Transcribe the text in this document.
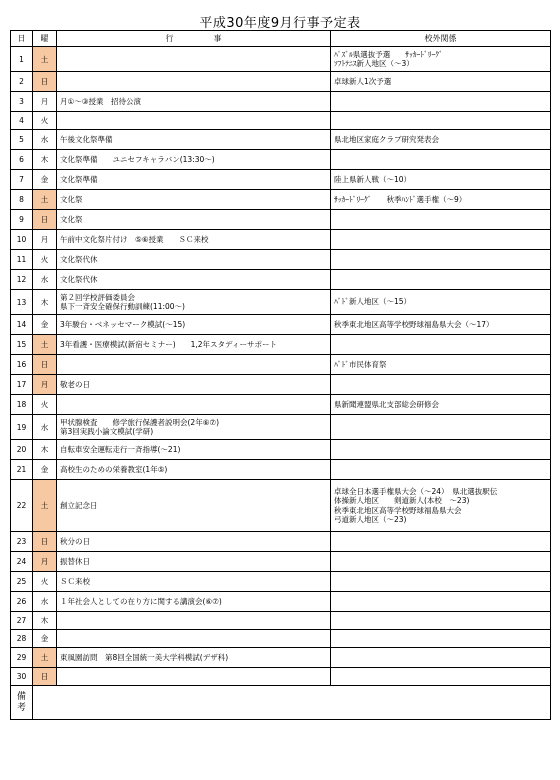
平成30年度9月行事予定表
日	曜	行　　　　　事	校外関係
1	土		ﾊﾟｽﾞﾙ県選抜予選　　ｻｯｶｰﾄﾞﾘｰｸﾞ
ｿﾌﾄﾃﾆｽ新人地区（～3）

2	日		卓球新人1次予選

3	月	月①～③授業　招待公演	

4	火		
5	水	午後文化祭準備	県北地区家庭クラブ研究発表会

6	木	文化祭準備　　ユニセフキャラバン(13:30～)	

7	金	文化祭準備	陸上県新人戦（～10）

8	土	文化祭	ｻｯｶｰﾄﾞﾘｰｸﾞ　　秋季ﾊﾝﾄﾞ選手権（～9）

9	日	文化祭	

10	月	午前中文化祭片付け　⑤⑥授業　　ＳＣ来校	

11	火	文化祭代休	

12	水	文化祭代休	

13	木	第２回学校評価委員会
県下一斉安全確保行動訓練(11:00～)	ﾊﾞﾄﾞ新人地区（～15）

14	金	3年駿台・ベネッセマーク模試(～15)	秋季東北地区高等学校野球福島県大会（～17）

15	土	3年看護・医療模試(新宿セミナー)　　1,2年スタディーサポート	

16	日		ﾊﾞﾄﾞ市民体育祭

17	月	敬老の日	

18	火		県新聞連盟県北支部総会研修会

19	水	甲状腺検査　　修学旅行保護者説明会(2年⑥⑦)
第3回実践小論文模試(学研)	

20	木	自転車安全運転走行一斉指導(～21)	

21	金	高校生のための栄養教室(1年⑤)	

22	土	創立記念日	卓球全日本選手権県大会（～24）　県北選抜駅伝
体操新人地区　　剣道新人(本校　～23)
秋季東北地区高等学校野球福島県大会
弓道新人地区（～23)

23	日	秋分の日	

24	月	振替休日	

25	火	ＳＣ来校	

26	水	１年社会人としての在り方に関する講演会(⑥⑦)	

27	木		
28	金		
29	土	東風園訪問　第8回全国統一美大学科模試(デザ科)	

30	日		
備
考			
